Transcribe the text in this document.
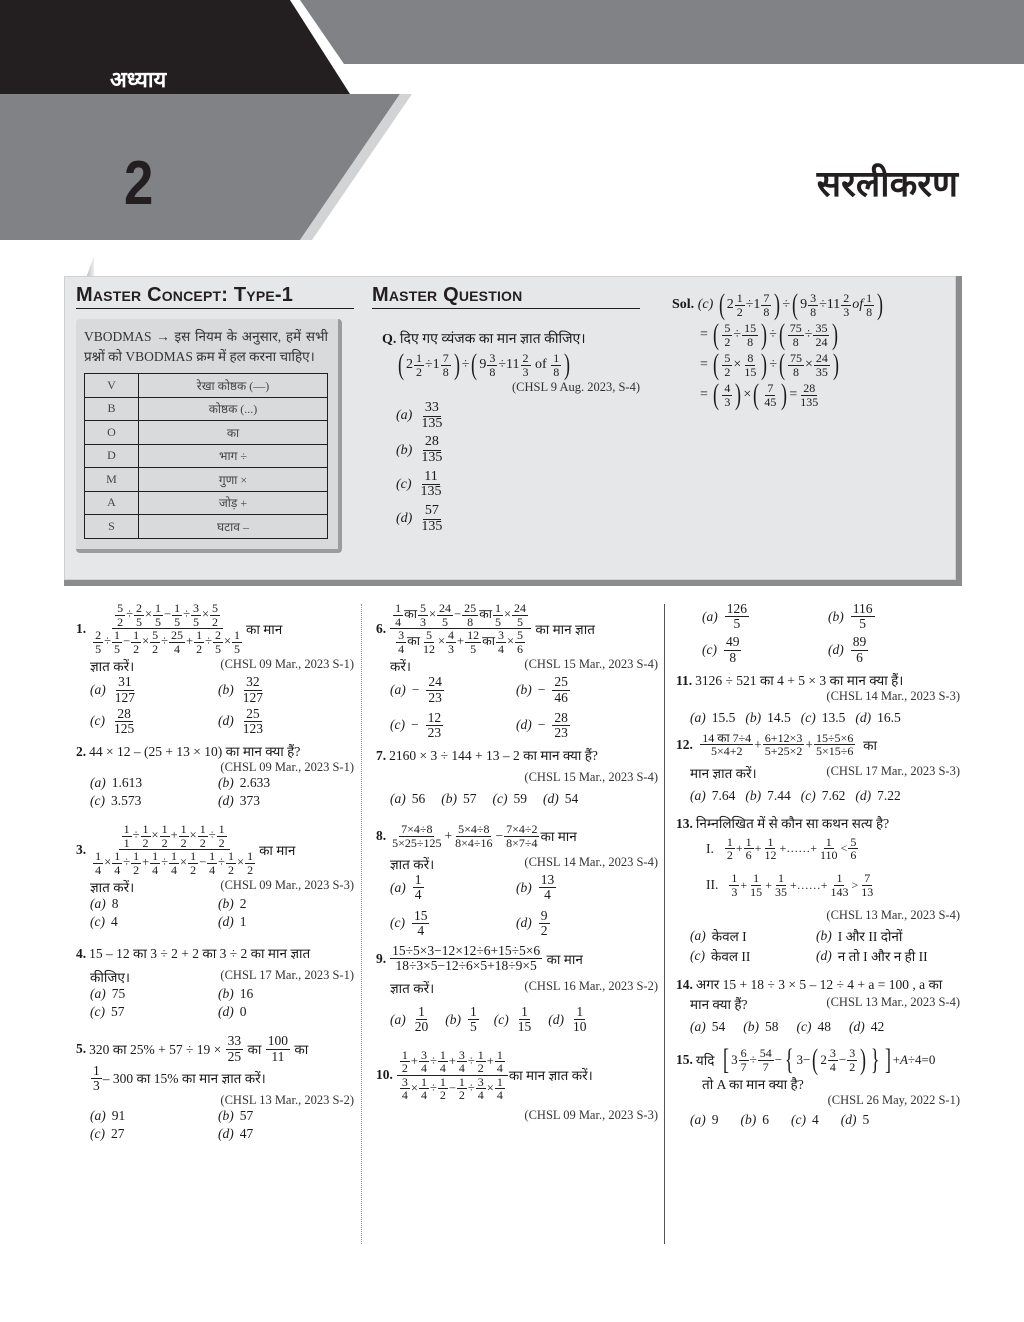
अध्याय
2	सरलीकरण
Master Concept: Type-1
VBODMAS → इस नियम के अनुसार, हमें सभी प्रश्नों को VBODMAS क्रम में हल करना चाहिए।
V	रेखा कोष्ठक (—)
B	कोष्ठक (...)
O	का
D	भाग ÷
M	गुणा ×
A	जोड़ +
S	घटाव –
Master Question
Q. दिए गए व्यंजक का मान ज्ञात कीजिए।
( $2 \frac{1}{2} \div 1 \frac{7}{8}$ ) ÷ ( $9 \frac{3}{8} \div 11 \frac{2}{3}$ of $\frac{1}{8}$ )
(CHSL 9 Aug. 2023, S-4)
$(a) \frac{33}{135}$
$(b) \frac{28}{135}$
$(c) \frac{11}{135}$
$(d) \frac{57}{135}$
Sol.
(c)
( $2 \frac{1}{2} \div 1 \frac{7}{8}$ ) ÷ ( $9 \frac{3}{8} \div 11 \frac{2}{3}$ of $\frac{1}{8}$ )
= ( $\frac{5}{2} \div \frac{15}{8}$ ) ÷ ( $\frac{75}{8} \div \frac{35}{24}$ )
= ( $\frac{5}{2} \times \frac{8}{15}$ ) ÷ ( $\frac{75}{8} \times \frac{24}{35}$ )
= ( $\frac{4}{3}$ ) × ( $\frac{7}{45}$ ) = $\frac{28}{135}$
1. $\frac{\frac{5}{2} \div \frac{2}{5} \times \frac{1}{5} - \frac{1}{5} \div \frac{3}{5} \times \frac{5}{2}}{\frac{2}{5} \div \frac{1}{5} - \frac{1}{2} \times \frac{5}{2} \div \frac{25}{4} + \frac{1}{2} \div \frac{2}{5} \times \frac{1}{5}}$ का मान
ज्ञात करें।	(CHSL 09 Mar., 2023 S-1)
$(a) \frac{31}{127}$	$(b) \frac{32}{127}$
$(c) \frac{28}{125}$	$(d) \frac{25}{123}$
2. 44 × 12 – (25 + 13 × 10) का मान क्या हैं?
(CHSL 09 Mar., 2023 S-1)
(a) 1.613	(b) 2.633
(c) 3.573	(d) 373
3. $\frac{\frac{1}{1} \div \frac{1}{2} \times \frac{1}{2} + \frac{1}{2} \times \frac{1}{2} \div \frac{1}{2}}{\frac{1}{4} \times \frac{1}{4} \div \frac{1}{2} + \frac{1}{4} \div \frac{1}{4} \times \frac{1}{2} - \frac{1}{4} \div \frac{1}{2} \times \frac{1}{2}}$ का मान
ज्ञात करें।	(CHSL 09 Mar., 2023 S-3)
(a) 8	(b) 2
(c) 4	(d) 1
4. 15 – 12 का 3 ÷ 2 + 2 का 3 ÷ 2 का मान ज्ञात
कीजिए।	(CHSL 17 Mar., 2023 S-1)
(a) 75	(b) 16
(c) 57	(d) 0
5. 320 का 25% + 57 ÷ 19 ×
$\frac{33}{25}$
का
$\frac{100}{11}$
का
$\frac{1}{3} - 300$ का 15% का मान ज्ञात करें।
(CHSL 13 Mar., 2023 S-2)
(a) 91	(b) 57
(c) 27	(d) 47
6. $\frac{\frac{1}{4} का \frac{5}{3} \times \frac{24}{5} - \frac{25}{8} का \frac{1}{5} \times \frac{24}{5}}{\frac{3}{4} का \frac{5}{12} \times \frac{4}{3} + \frac{12}{5} का \frac{3}{4} \times \frac{5}{6}}$
का मान ज्ञात
करें।	(CHSL 15 Mar., 2023 S-4)
$(a) - \frac{24}{23}$	$(b) - \frac{25}{46}$
$(c) - \frac{12}{23}$	$(d) - \frac{28}{23}$
7. 2160 × 3 ÷ 144 + 13 – 2 का मान क्या हैं?
(CHSL 15 Mar., 2023 S-4)
(a) 56 (b) 57 (c) 59 (d) 54
8. $\frac{7\times 4\div 8}{5\times 25\div 125} + \frac{5\times 4\div 8}{8\times 4\div 16} - \frac{7\times 4\div 2}{8\times 7\div 4}$ का मान
ज्ञात करें।	(CHSL 14 Mar., 2023 S-4)
$(a) \frac{1}{4}$	$(b) \frac{13}{4}$
$(c) \frac{15}{4}$	$(d) \frac{9}{2}$
9. $\frac{15\div 5\times 3-12\times 12\div 6+15\div 5\times 6}{18\div 3\times 5-12\div 6\times 5+18\div 9\times 5}$
का मान
ज्ञात करें।	(CHSL 16 Mar., 2023 S-2)
$(a) \frac{1}{20} (b) \frac{1}{5} (c) \frac{1}{15} (d) \frac{1}{10}$
10. $\frac{\frac{1}{2} + \frac{3}{4} \div \frac{1}{4} + \frac{3}{4} \div \frac{1}{2} + \frac{1}{4}}{\frac{3}{4} \times \frac{1}{4} \div \frac{1}{2} - \frac{1}{2} \div \frac{3}{4} \times \frac{1}{4}}$ का मान ज्ञात करें।
(CHSL 09 Mar., 2023 S-3)
$(a) \frac{126}{5}$	$(b) \frac{116}{5}$
$(c) \frac{49}{8}$	$(d) \frac{89}{6}$
11. 3126 ÷ 521 का 4 + 5 × 3 का मान क्या हैं।
(CHSL 14 Mar., 2023 S-3)
(a) 15.5 (b) 14.5 (c) 13.5 (d) 16.5
12.
$\frac{\text{14 का 7÷4}}{5\times 4+2} + \frac{6+12\times 3}{5+25\times 2} + \frac{15\div 5\times 6}{5\times 15\div 6}$
का
मान ज्ञात करें।	(CHSL 17 Mar., 2023 S-3)
(a) 7.64 (b) 7.44 (c) 7.62 (d) 7.22
13. निम्नलिखित में से कौन सा कथन सत्य है?
I. $\frac{1}{2} + \frac{1}{6} + \frac{1}{12}$ +……+ $\frac{1}{110} < \frac{5}{6}$
II. $\frac{1}{3} + \frac{1}{15} + \frac{1}{35}$ +……+ $\frac{1}{143} > \frac{7}{13}$
(CHSL 13 Mar., 2023 S-4)
(a) केवल I	(b) I और II दोनों
(c) केवल II	(d) न तो I और न ही II
14. अगर 15 + 18 ÷ 3 × 5 – 12 ÷ 4 + a = 100 , a का
मान क्या हैं?	(CHSL 13 Mar., 2023 S-4)
(a) 54 (b) 58 (c) 48 (d) 42
15. यदि
[ $3 \frac{6}{7} \div \frac{54}{7}$ − { 3− ( $2 \frac{3}{4} - \frac{3}{2}$ ) } ] + A ÷4=0
तो A का मान क्या है?
(CHSL 26 May, 2022 S-1)
(a) 9 (b) 6 (c) 4 (d) 5
